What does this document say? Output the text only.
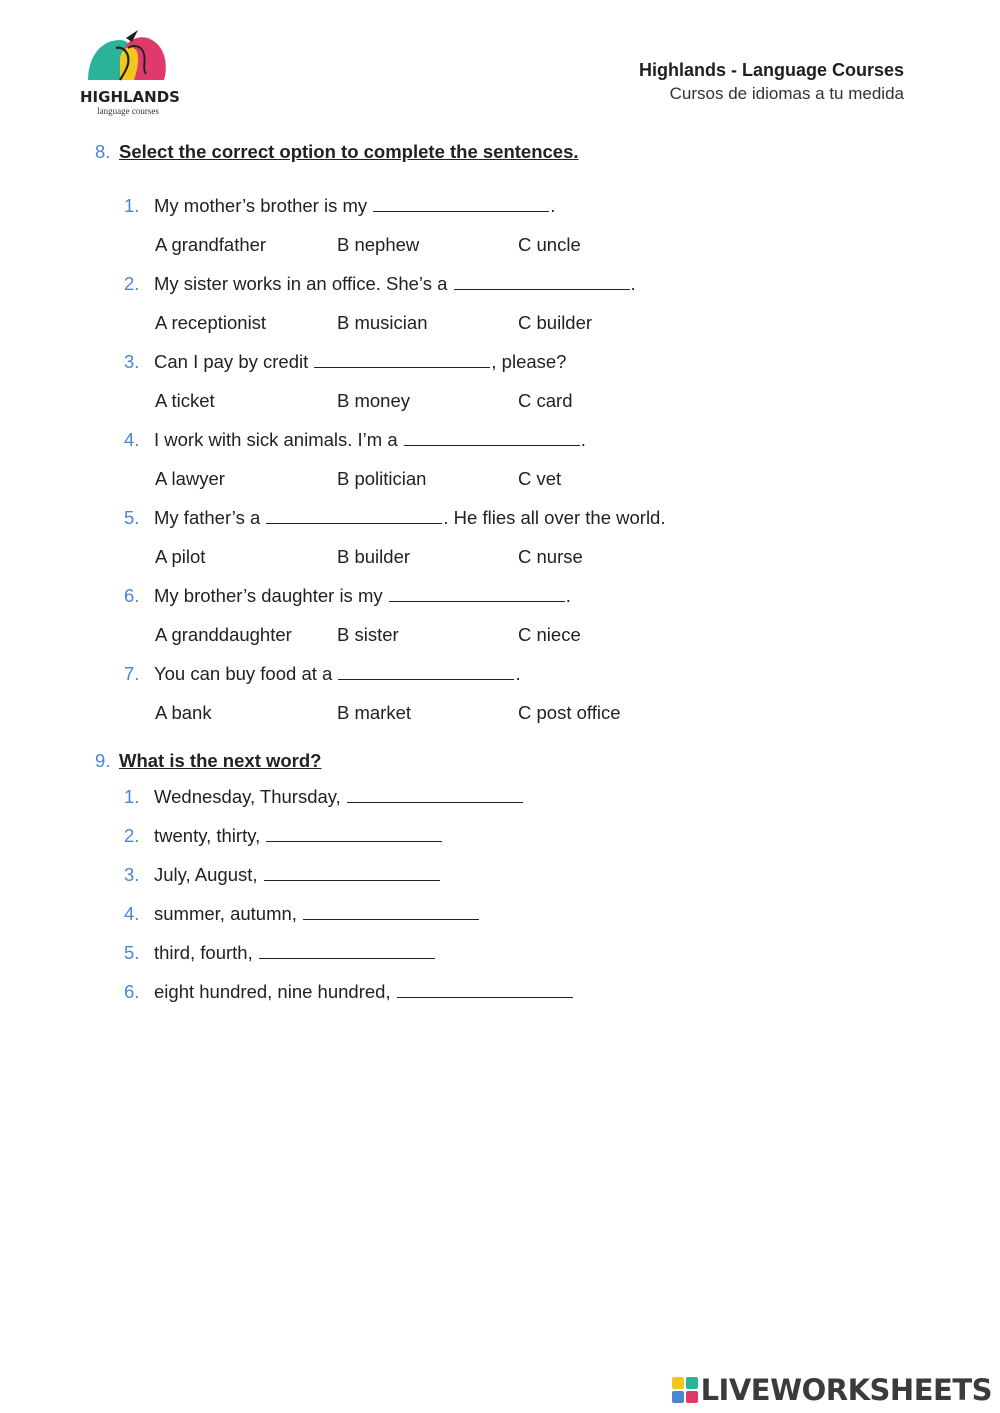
HIGHLANDS
language courses
Highlands - Language Courses
Cursos de idiomas a tu medida
8. Select the correct option to complete the sentences.
1. My mother’s brother is my	.
A grandfather	B nephew	C uncle
2. My sister works in an office. She’s a	.
A receptionist	B musician	C builder
3. Can I pay by credit	, please?
A ticket	B money	C card
4. I work with sick animals. I’m a	.
A lawyer	B politician	C vet
5. My father’s a	. He flies all over the world.
A pilot	B builder	C nurse
6. My brother’s daughter is my	.
A granddaughter B sister	C niece
7. You can buy food at a	.
A bank	B market	C post office
9. What is the next word?
1. Wednesday, Thursday,
2. twenty, thirty,
3. July, August,
4. summer, autumn,
5. third, fourth,
6. eight hundred, nine hundred,
LIVEWORKSHEETS
